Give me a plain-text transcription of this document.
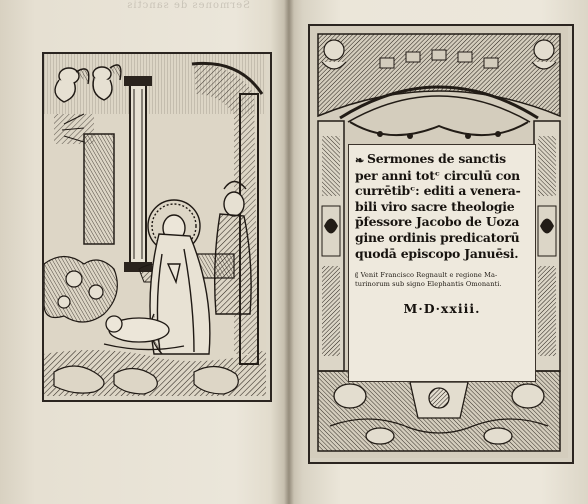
Sermones de sanctis
❧ Sermones de sanctis
per anni totᶜ circulū con
currētibᶜ: editi a venera-
bili viro sacre theologie
p̄fessore Jacobo de Uoza
gine ordinis predicatorū
quodā episcopo Januēsi.
⸨ Venit Francisco Regnault e regione Ma-
turinorum sub signo Elephantis Omonanti.
M·D·xxiii.
